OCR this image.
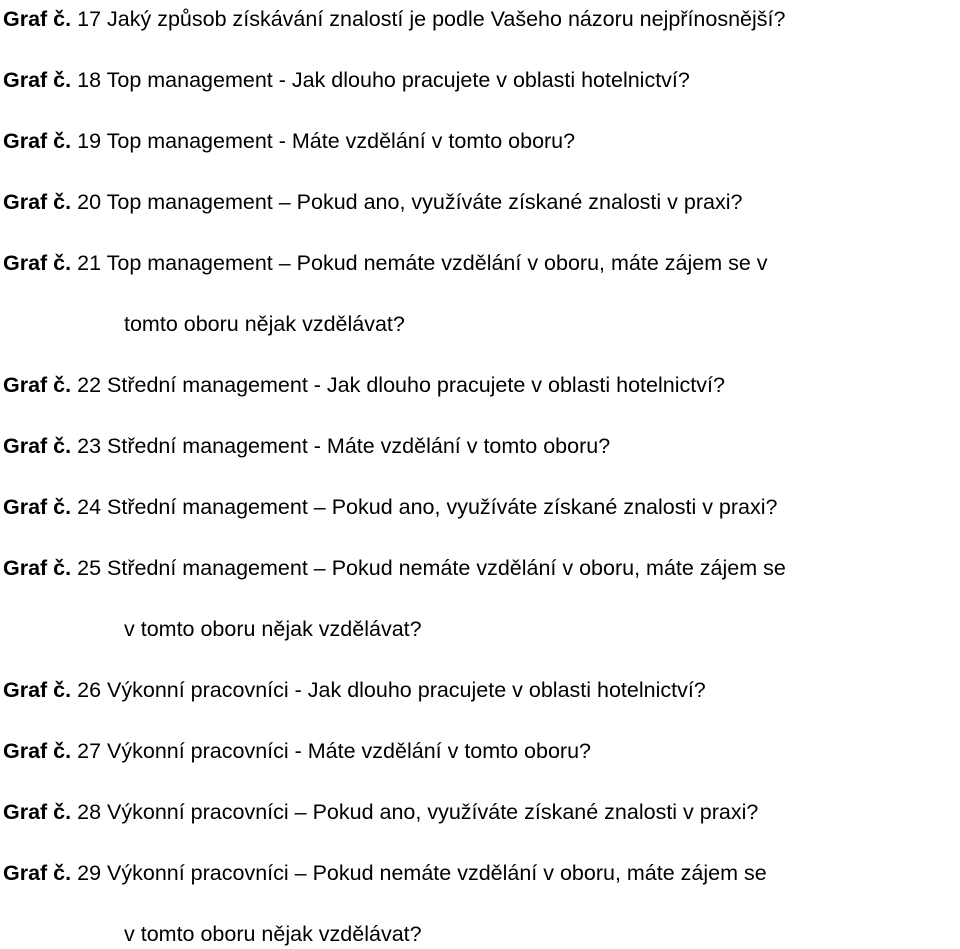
Graf č. 17 Jaký způsob získávání znalostí je podle Vašeho názoru nejpřínosnější?
Graf č. 18 Top management - Jak dlouho pracujete v oblasti hotelnictví?
Graf č. 19 Top management - Máte vzdělání v tomto oboru?
Graf č. 20 Top management – Pokud ano, využíváte získané znalosti v praxi?
Graf č. 21 Top management – Pokud nemáte vzdělání v oboru, máte zájem se v
tomto oboru nějak vzdělávat?
Graf č. 22 Střední management - Jak dlouho pracujete v oblasti hotelnictví?
Graf č. 23 Střední management - Máte vzdělání v tomto oboru?
Graf č. 24 Střední management – Pokud ano, využíváte získané znalosti v praxi?
Graf č. 25 Střední management – Pokud nemáte vzdělání v oboru, máte zájem se
v tomto oboru nějak vzdělávat?
Graf č. 26 Výkonní pracovníci - Jak dlouho pracujete v oblasti hotelnictví?
Graf č. 27 Výkonní pracovníci - Máte vzdělání v tomto oboru?
Graf č. 28 Výkonní pracovníci – Pokud ano, využíváte získané znalosti v praxi?
Graf č. 29 Výkonní pracovníci – Pokud nemáte vzdělání v oboru, máte zájem se
v tomto oboru nějak vzdělávat?
